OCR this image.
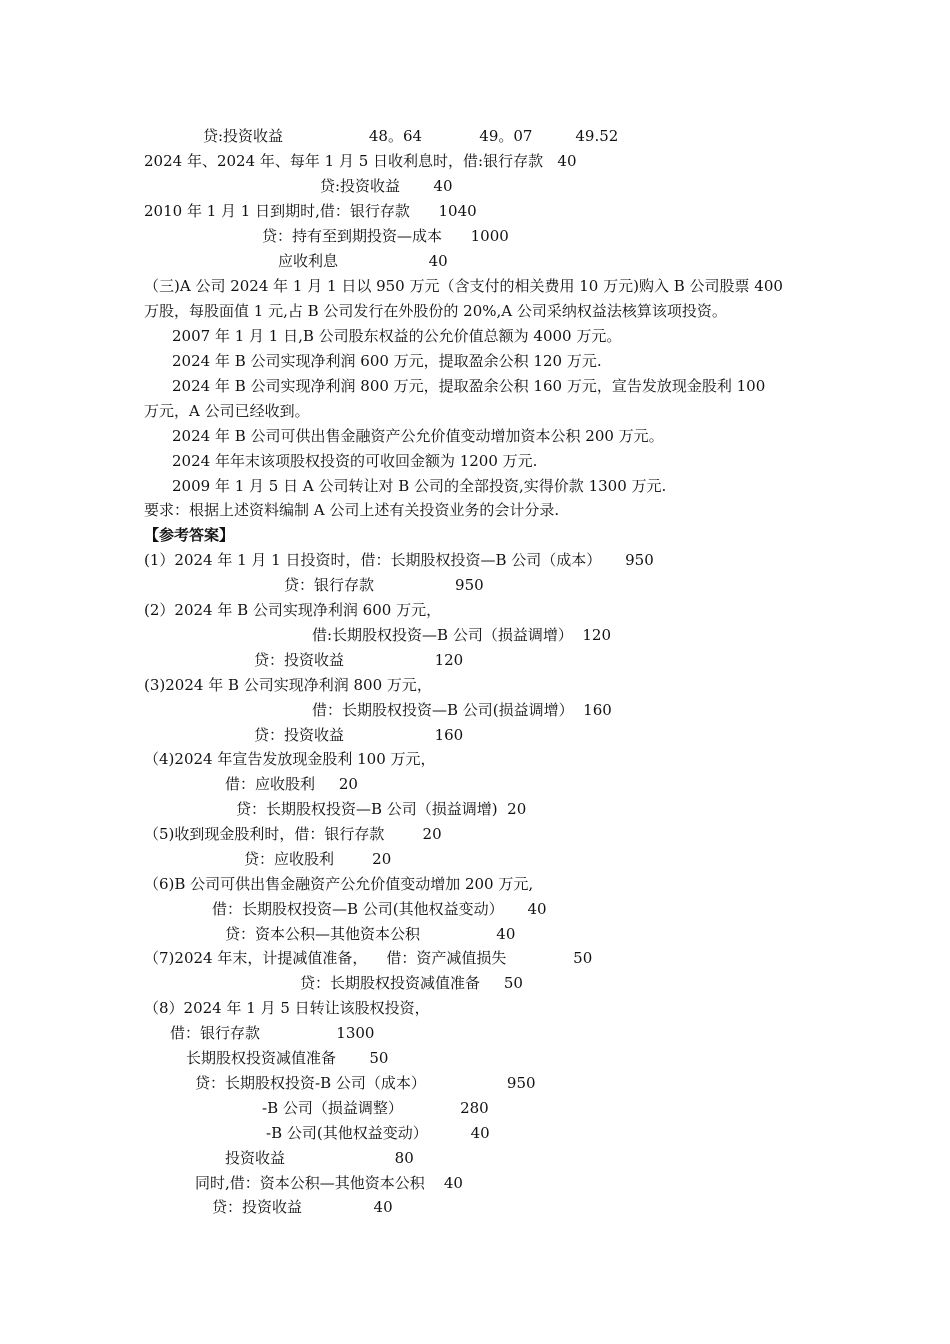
贷:投资收益                  48。64            49。07         49.52
2024 年、2024 年、每年 1 月 5 日收利息时，借:银行存款   40
贷:投资收益       40
2010 年 1 月 1 日到期时,借：银行存款      1040
贷：持有至到期投资—成本      1000
应收利息                   40
（三)A 公司 2024 年 1 月 1 日以 950 万元（含支付的相关费用 10 万元)购入 B 公司股票 400
万股，每股面值 1 元,占 B 公司发行在外股份的 20%,A 公司采纳权益法核算该项投资。
2007 年 1 月 1 日,B 公司股东权益的公允价值总额为 4000 万元。
2024 年 B 公司实现净利润 600 万元，提取盈余公积 120 万元.
2024 年 B 公司实现净利润 800 万元，提取盈余公积 160 万元，宣告发放现金股利 100
万元，A 公司已经收到。
2024 年 B 公司可供出售金融资产公允价值变动增加资本公积 200 万元。
2024 年年末该项股权投资的可收回金额为 1200 万元.
2009 年 1 月 5 日 A 公司转让对 B 公司的全部投资,实得价款 1300 万元.
要求：根据上述资料编制 A 公司上述有关投资业务的会计分录.
【参考答案】
(1）2024 年 1 月 1 日投资时，借：长期股权投资—B 公司（成本）     950
贷：银行存款                 950
(2）2024 年 B 公司实现净利润 600 万元，
借:长期股权投资—B 公司（损益调增）  120
贷：投资收益                   120
(3)2024 年 B 公司实现净利润 800 万元，
借：长期股权投资—B 公司(损益调增）  160
贷：投资收益                   160
（4)2024 年宣告发放现金股利 100 万元，
借：应收股利     20
贷：长期股权投资—B 公司（损益调增)  20
（5)收到现金股利时，借：银行存款        20
贷：应收股利        20
（6)B 公司可供出售金融资产公允价值变动增加 200 万元,
借：长期股权投资—B 公司(其他权益变动）     40
贷：资本公积—其他资本公积                40
（7)2024 年末，计提减值准备，    借：资产减值损失              50
贷：长期股权投资减值准备     50
（8）2024 年 1 月 5 日转让该股权投资，
借：银行存款                1300
长期股权投资减值准备       50
贷：长期股权投资-B 公司（成本）                 950
-B 公司（损益调整）            280
-B 公司(其他权益变动）         40
投资收益                       80
同时,借：资本公积—其他资本公积    40
贷：投资收益               40
